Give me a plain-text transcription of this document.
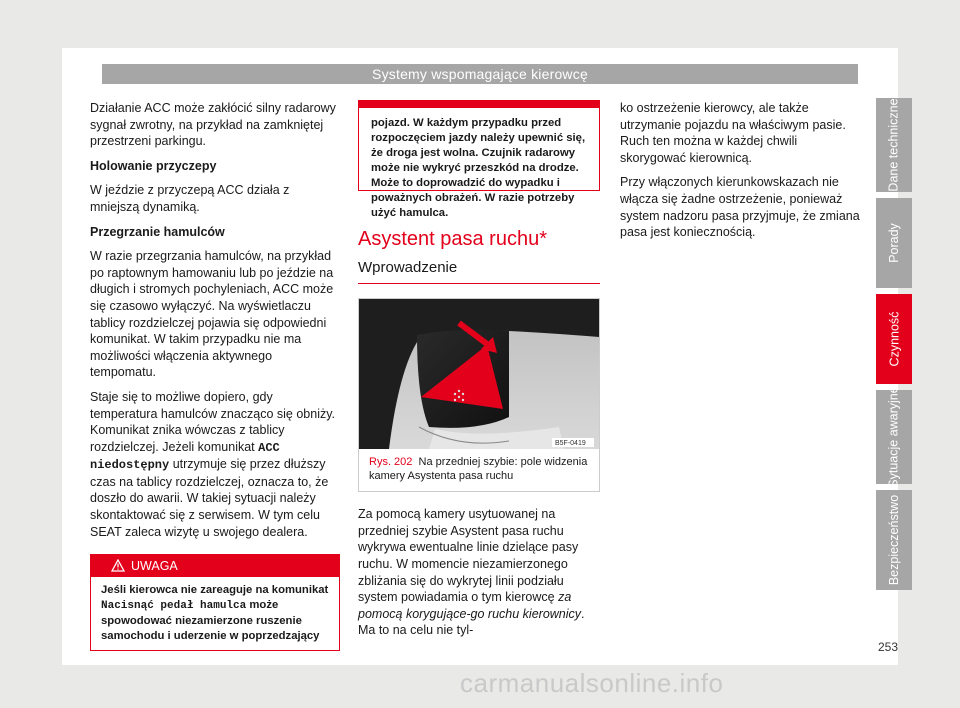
Systemy wspomagające kierowcę

Działanie ACC może zakłócić silny radarowy sygnał zwrotny, na przykład na zamkniętej przestrzeni parkingu.

Holowanie przyczepy

W jeździe z przyczepą ACC działa z mniejszą dynamiką.

Przegrzanie hamulców

W razie przegrzania hamulców, na przykład po raptownym hamowaniu lub po jeździe na długich i stromych pochyleniach, ACC może się czasowo wyłączyć. Na wyświetlaczu tablicy rozdzielczej pojawia się odpowiedni komunikat. W takim przypadku nie ma możliwości włączenia aktywnego tempomatu.

Staje się to możliwe dopiero, gdy temperatura hamulców znacząco się obniży. Komunikat znika wówczas z tablicy rozdzielczej. Jeżeli komunikat ACC niedostępny utrzymuje się przez dłuższy czas na tablicy rozdzielczej, oznacza to, że doszło do awarii. W takiej sytuacji należy skontaktować się z serwisem. W tym celu SEAT zaleca wizytę u swojego dealera.

UWAGA
Jeśli kierowca nie zareaguje na komunikat Nacisnąć pedał hamulca może spowodować niezamierzone ruszenie samochodu i uderzenie w poprzedzający
pojazd. W każdym przypadku przed rozpoczęciem jazdy należy upewnić się, że droga jest wolna. Czujnik radarowy może nie wykryć przeszkód na drodze. Może to doprowadzić do wypadku i poważnych obrażeń. W razie potrzeby użyć hamulca.
Asystent pasa ruchu*
Wprowadzenie
B5F-0419
Rys. 202 Na przedniej szybie: pole widzenia kamery Asystenta pasa ruchu

Za pomocą kamery usytuowanej na przedniej szybie Asystent pasa ruchu wykrywa ewentualne linie dzielące pasy ruchu. W momencie niezamierzonego zbliżania się do wykrytej linii podziału system powiadamia o tym kierowcę za pomocą korygujące-go ruchu kierownicy. Ma to na celu nie tyl-

ko ostrzeżenie kierowcy, ale także utrzymanie pojazdu na właściwym pasie. Ruch ten można w każdej chwili skorygować kierownicą.

Przy włączonych kierunkowskazach nie włącza się żadne ostrzeżenie, ponieważ system nadzoru pasa przyjmuje, że zmiana pasa jest koniecznością.

Dane techniczne
Porady
Czynność
Sytuacje awaryjne
Bezpieczeństwo
253
carmanualsonline.info
